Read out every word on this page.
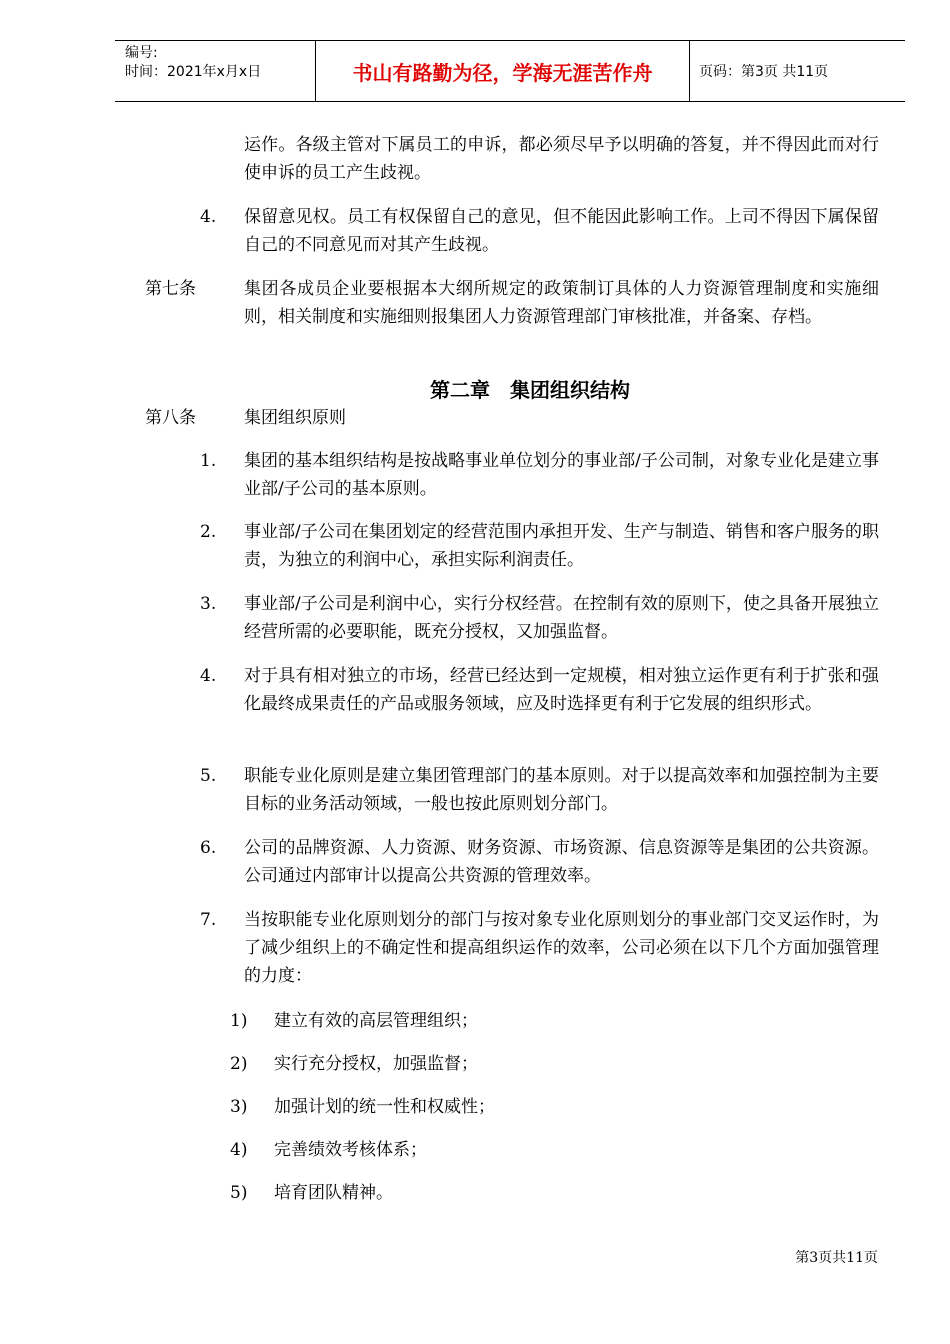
编号:
时间：2021年x月x日	书山有路勤为径，学海无涯苦作舟	页码：第3页 共11页
运作。各级主管对下属员工的申诉，都必须尽早予以明确的答复，并不得因此而对行使申诉的员工产生歧视。
4. 保留意见权。员工有权保留自己的意见，但不能因此影响工作。上司不得因下属保留自己的不同意见而对其产生歧视。
第七条	集团各成员企业要根据本大纲所规定的政策制订具体的人力资源管理制度和实施细则，相关制度和实施细则报集团人力资源管理部门审核批准，并备案、存档。
第二章　集团组织结构
第八条	集团组织原则
1. 集团的基本组织结构是按战略事业单位划分的事业部/子公司制，对象专业化是建立事业部/子公司的基本原则。
2. 事业部/子公司在集团划定的经营范围内承担开发、生产与制造、销售和客户服务的职责，为独立的利润中心，承担实际利润责任。
3. 事业部/子公司是利润中心，实行分权经营。在控制有效的原则下，使之具备开展独立经营所需的必要职能，既充分授权，又加强监督。
4. 对于具有相对独立的市场，经营已经达到一定规模，相对独立运作更有利于扩张和强化最终成果责任的产品或服务领域，应及时选择更有利于它发展的组织形式。
5. 职能专业化原则是建立集团管理部门的基本原则。对于以提高效率和加强控制为主要目标的业务活动领域，一般也按此原则划分部门。
6. 公司的品牌资源、人力资源、财务资源、市场资源、信息资源等是集团的公共资源。公司通过内部审计以提高公共资源的管理效率。
7. 当按职能专业化原则划分的部门与按对象专业化原则划分的事业部门交叉运作时，为了减少组织上的不确定性和提高组织运作的效率，公司必须在以下几个方面加强管理的力度：
1) 建立有效的高层管理组织；
2) 实行充分授权，加强监督；
3) 加强计划的统一性和权威性；
4) 完善绩效考核体系；
5) 培育团队精神。
第3页共11页
